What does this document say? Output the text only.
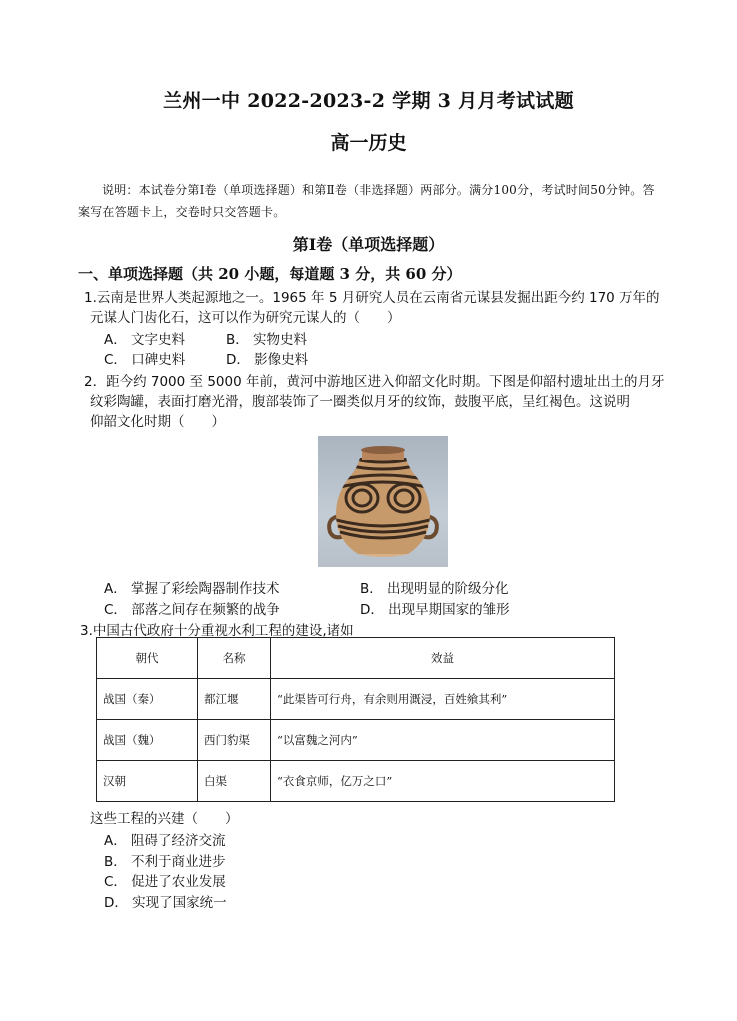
兰州一中 2022-2023-2 学期 3 月月考试试题
高一历史
说明：本试卷分第Ⅰ卷（单项选择题）和第Ⅱ卷（非选择题）两部分。满分100分，考试时间50分钟。答案写在答题卡上，交卷时只交答题卡。
第Ⅰ卷（单项选择题）
一、单项选择题（共 20 小题，每道题 3 分，共 60 分）
1.云南是世界人类起源地之一。1965 年 5 月研究人员在云南省元谋县发掘出距今约 170 万年的
元谋人门齿化石，这可以作为研究元谋人的（　　）
A． 文字史料	B． 实物史料
C． 口碑史料	D． 影像史料
2．距今约 7000 至 5000 年前，黄河中游地区进入仰韶文化时期。下图是仰韶村遗址出土的月牙
纹彩陶罐，表面打磨光滑，腹部装饰了一圈类似月牙的纹饰，鼓腹平底，呈红褐色。这说明
仰韶文化时期（　　）
A． 掌握了彩绘陶器制作技术	B． 出现明显的阶级分化
C． 部落之间存在频繁的战争	D． 出现早期国家的雏形
3.中国古代政府十分重视水利工程的建设,诸如
朝代	名称	效益
战国（秦）	都江堰	“此渠皆可行舟，有余则用溉浸，百姓飨其利”
战国（魏）	西门豹渠	“以富魏之河内”
汉朝	白渠	“衣食京师，亿万之口”
这些工程的兴建（　　）
A． 阻碍了经济交流
B． 不利于商业进步
C． 促进了农业发展
D． 实现了国家统一
